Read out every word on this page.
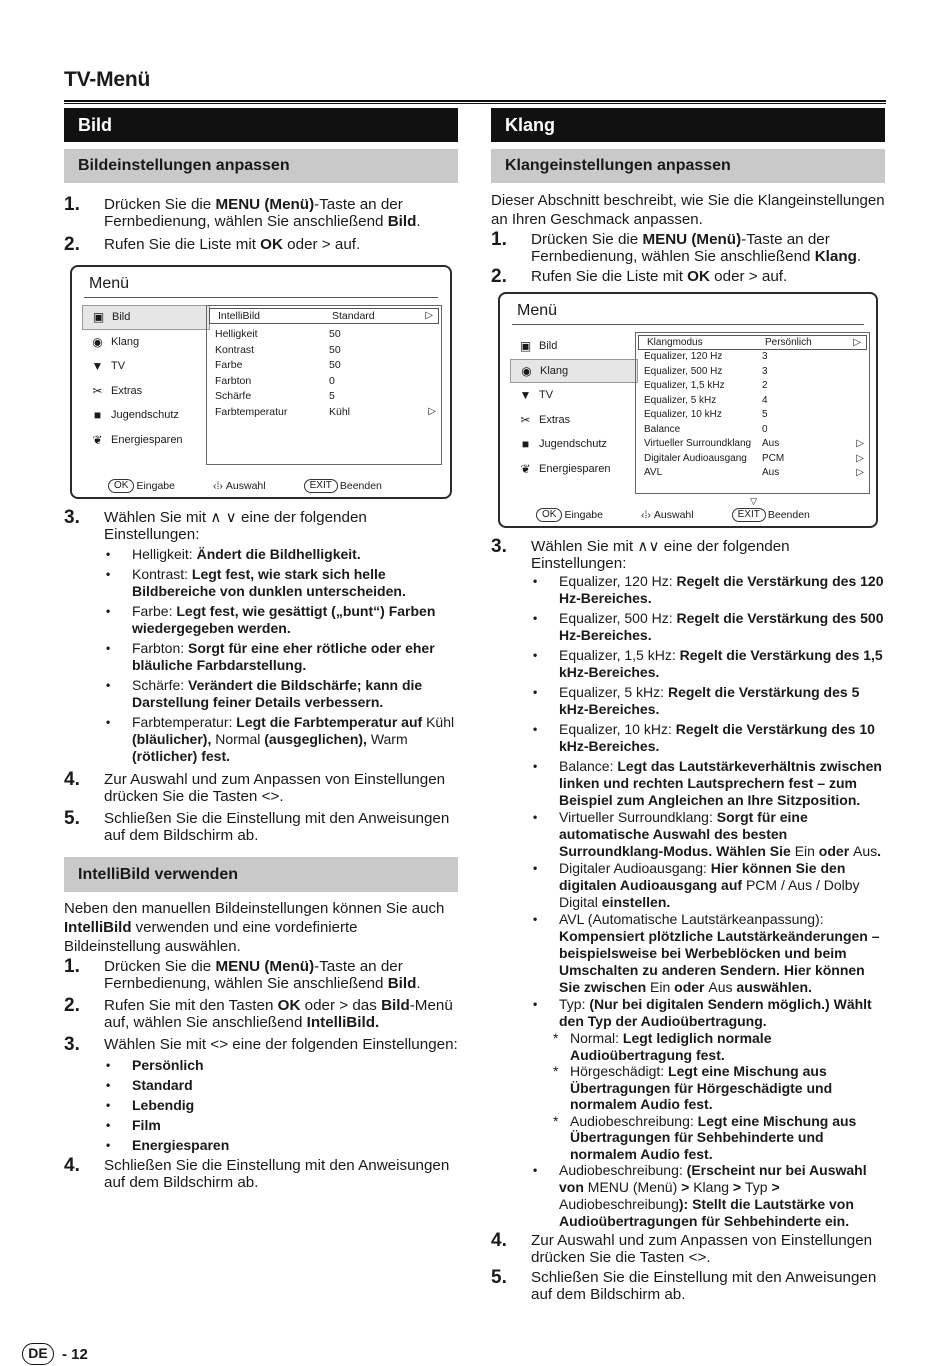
TV-Menü
Bild
Bildeinstellungen anpassen
1.	Drücken Sie die MENU (Menü)-Taste an der Fernbedienung, wählen Sie anschließend Bild.
2.	Rufen Sie die Liste mit OK oder > auf.
Menü
▣ Bild
◉ Klang
▼ TV
✂ Extras
■ Jugendschutz
❦ Energiesparen
IntelliBild	Standard	▷
Helligkeit	50
Kontrast	50
Farbe	50
Farbton	0
Schärfe	5
Farbtemperatur	Kühl	▷
OK Eingabe	‹⁞› Auswahl	EXIT Beenden
3.	Wählen Sie mit ∧ ∨ eine der folgenden Einstellungen:
•	Helligkeit: Ändert die Bildhelligkeit.
•	Kontrast: Legt fest, wie stark sich helle Bildbereiche von dunklen unterscheiden.
•	Farbe: Legt fest, wie gesättigt („bunt“) Farben wiedergegeben werden.
•	Farbton: Sorgt für eine eher rötliche oder eher bläuliche Farbdarstellung.
•	Schärfe: Verändert die Bildschärfe; kann die Darstellung feiner Details verbessern.
•	Farbtemperatur: Legt die Farbtemperatur auf Kühl (bläulicher), Normal (ausgeglichen), Warm (rötlicher) fest.
4.	Zur Auswahl und zum Anpassen von Einstellungen drücken Sie die Tasten <>.
5.	Schließen Sie die Einstellung mit den Anweisungen auf dem Bildschirm ab.
IntelliBild verwenden
Neben den manuellen Bildeinstellungen können Sie auch IntelliBild verwenden und eine vordefinierte Bildeinstellung auswählen.
1.	Drücken Sie die MENU (Menü)-Taste an der Fernbedienung, wählen Sie anschließend Bild.
2.	Rufen Sie mit den Tasten OK oder > das Bild-Menü auf, wählen Sie anschließend IntelliBild.
3.	Wählen Sie mit <> eine der folgenden Einstellungen:
•	Persönlich
•	Standard
•	Lebendig
•	Film
•	Energiesparen
4.	Schließen Sie die Einstellung mit den Anweisungen auf dem Bildschirm ab.
Klang
Klangeinstellungen anpassen
Dieser Abschnitt beschreibt, wie Sie die Klangeinstellungen an Ihren Geschmack anpassen.
1.	Drücken Sie die MENU (Menü)-Taste an der Fernbedienung, wählen Sie anschließend Klang.
2.	Rufen Sie die Liste mit OK oder > auf.
Menü
▣ Bild
◉ Klang
▼ TV
✂ Extras
■ Jugendschutz
❦ Energiesparen
Klangmodus	Persönlich	▷
Equalizer, 120 Hz	3
Equalizer, 500 Hz	3
Equalizer, 1,5 kHz	2
Equalizer, 5 kHz	4
Equalizer, 10 kHz	5
Balance	0
Virtueller Surroundklang	Aus	▷
Digitaler Audioausgang	PCM	▷
AVL	Aus	▷
▽
OK Eingabe	‹⁞› Auswahl	EXIT Beenden
3.	Wählen Sie mit ∧∨ eine der folgenden Einstellungen:
•	Equalizer, 120 Hz: Regelt die Verstärkung des 120 Hz-Bereiches.
•	Equalizer, 500 Hz: Regelt die Verstärkung des 500 Hz-Bereiches.
•	Equalizer, 1,5 kHz: Regelt die Verstärkung des 1,5 kHz-Bereiches.
•	Equalizer, 5 kHz: Regelt die Verstärkung des 5 kHz-Bereiches.
•	Equalizer, 10 kHz: Regelt die Verstärkung des 10 kHz-Bereiches.
•	Balance: Legt das Lautstärkeverhältnis zwischen linken und rechten Lautsprechern fest – zum Beispiel zum Angleichen an Ihre Sitzposition.
•	Virtueller Surroundklang: Sorgt für eine automatische Auswahl des besten Surroundklang-Modus. Wählen Sie Ein oder Aus.
•	Digitaler Audioausgang: Hier können Sie den digitalen Audioausgang auf PCM / Aus / Dolby Digital einstellen.
•	AVL (Automatische Lautstärkeanpassung): Kompensiert plötzliche Lautstärkeänderungen – beispielsweise bei Werbeblöcken und beim Umschalten zu anderen Sendern. Hier können Sie zwischen Ein oder Aus auswählen.
•	Typ: (Nur bei digitalen Sendern möglich.) Wählt den Typ der Audioübertragung.
* Normal: Legt lediglich normale Audioübertragung fest.
* Hörgeschädigt: Legt eine Mischung aus Übertragungen für Hörgeschädigte und normalem Audio fest.
* Audiobeschreibung: Legt eine Mischung aus Übertragungen für Sehbehinderte und normalem Audio fest.
•	Audiobeschreibung: (Erscheint nur bei Auswahl von MENU (Menü) > Klang > Typ > Audiobeschreibung): Stellt die Lautstärke von Audioübertragungen für Sehbehinderte ein.
4.	Zur Auswahl und zum Anpassen von Einstellungen drücken Sie die Tasten <>.
5.	Schließen Sie die Einstellung mit den Anweisungen auf dem Bildschirm ab.
DE - 12
